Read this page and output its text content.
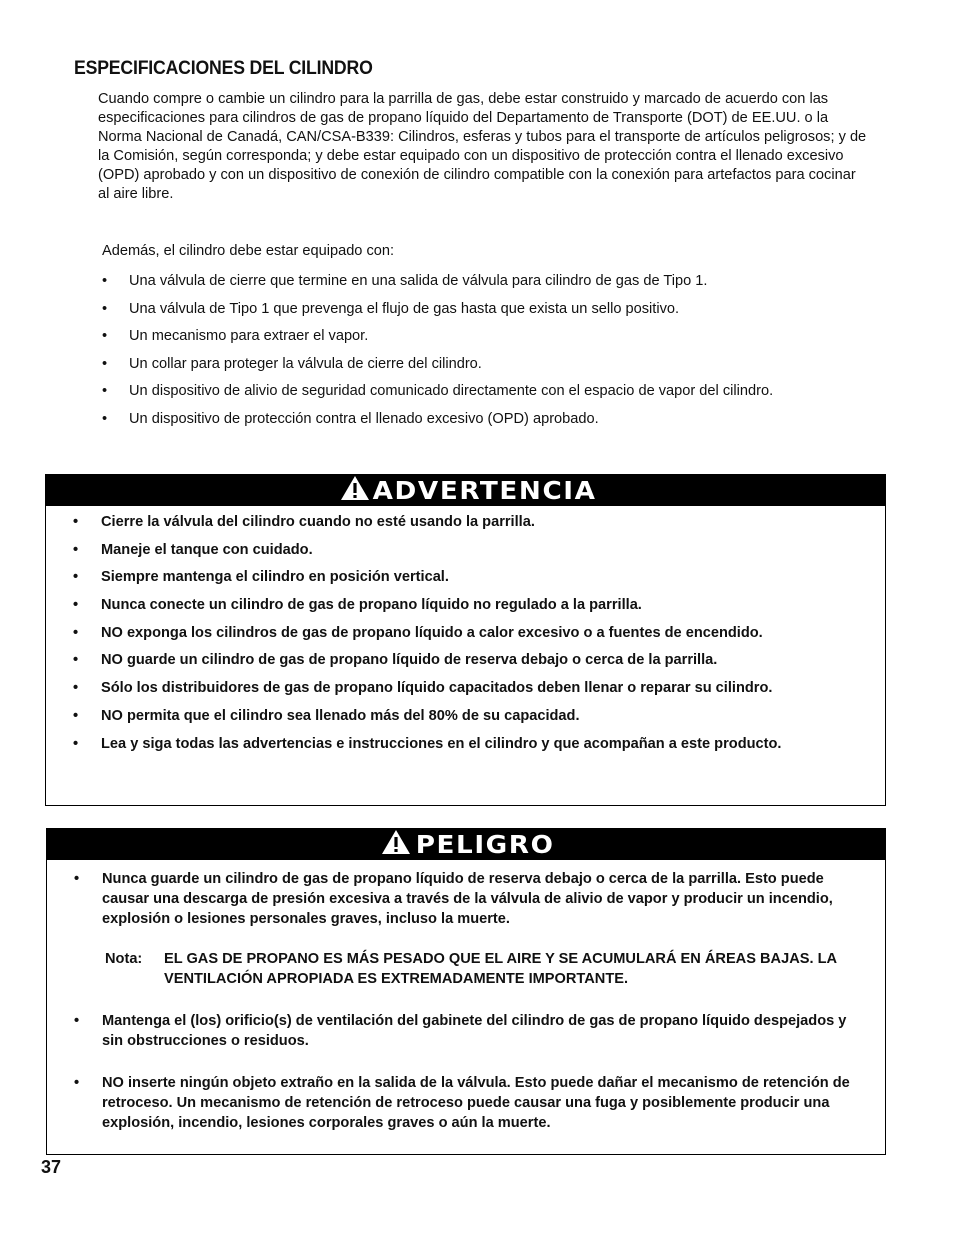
ESPECIFICACIONES DEL CILINDRO

Cuando compre o cambie un cilindro para la parrilla de gas, debe estar construido y marcado de acuerdo con las especificaciones para cilindros de gas de propano líquido del Departamento de Transporte (DOT) de EE.UU. o la Norma Nacional de Canadá, CAN/CSA-B339: Cilindros, esferas y tubos para el transporte de artículos peligrosos; y de la Comisión, según corresponda; y debe estar equipado con un dispositivo de protección contra el llenado excesivo (OPD) aprobado y con un dispositivo de conexión de cilindro compatible con la conexión para artefactos para cocinar al aire libre.

Además, el cilindro debe estar equipado con:

•	Una válvula de cierre que termine en una salida de válvula para cilindro de gas de Tipo 1.
•	Una válvula de Tipo 1 que prevenga el flujo de gas hasta que exista un sello positivo.
•	Un mecanismo para extraer el vapor.
•	Un collar para proteger la válvula de cierre del cilindro.
•	Un dispositivo de alivio de seguridad comunicado directamente con el espacio de vapor del cilindro.
•	Un dispositivo de protección contra el llenado excesivo (OPD) aprobado.
ADVERTENCIA
•	Cierre la válvula del cilindro cuando no esté usando la parrilla.
•	Maneje el tanque con cuidado.
•	Siempre mantenga el cilindro en posición vertical.
•	Nunca conecte un cilindro de gas de propano líquido no regulado a la parrilla.
•	NO exponga los cilindros de gas de propano líquido a calor excesivo o a fuentes de encendido.
•	NO guarde un cilindro de gas de propano líquido de reserva debajo o cerca de la parrilla.
•	Sólo los distribuidores de gas de propano líquido capacitados deben llenar o reparar su cilindro.
•	NO permita que el cilindro sea llenado más del 80% de su capacidad.
•	Lea y siga todas las advertencias e instrucciones en el cilindro y que acompañan a este producto.
PELIGRO
•	Nunca guarde un cilindro de gas de propano líquido de reserva debajo o cerca de la parrilla. Esto puede causar una descarga de presión excesiva a través de la válvula de alivio de vapor y producir un incendio, explosión o lesiones personales graves, incluso la muerte.
Nota:	EL GAS DE PROPANO ES MÁS PESADO QUE EL AIRE Y SE ACUMULARÁ EN ÁREAS BAJAS. LA VENTILACIÓN APROPIADA ES EXTREMADAMENTE IMPORTANTE.
•	Mantenga el (los) orificio(s) de ventilación del gabinete del cilindro de gas de propano líquido despejados y sin obstrucciones o residuos.
•	NO inserte ningún objeto extraño en la salida de la válvula. Esto puede dañar el mecanismo de retención de retroceso. Un mecanismo de retención de retroceso puede causar una fuga y posiblemente producir una explosión, incendio, lesiones corporales graves o aún la muerte.
37
